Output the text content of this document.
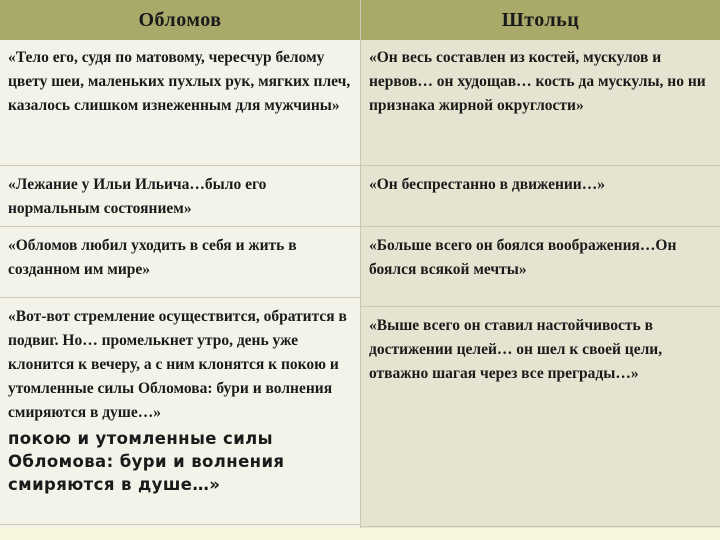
Обломов	Штольц
«Тело его, судя по матовому, чересчур белому цвету шеи, маленьких пухлых рук, мягких плеч, казалось слишком изнеженным для мужчины»
«Он весь составлен из костей, мускулов и нервов… он худощав… кость да мускулы, но ни признака жирной округлости»
«Лежание у Ильи Ильича…было его нормальным состоянием»
«Он беспрестанно в движении…»
«Обломов любил уходить в себя и жить в созданном им мире»
«Больше всего он боялся воображения…Он боялся всякой мечты»
«Вот-вот стремление осуществится, обратится в подвиг. Но… промелькнет утро, день уже клонится к вечеру, а с ним клонятся к покою и утомленные силы Обломова: бури и волнения смиряются в душе…»
покою и утомленные силы Обломова: бури и волнения смиряются в душе…»
«Выше всего он ставил настойчивость в достижении целей… он шел к своей цели, отважно шагая через все преграды…»
